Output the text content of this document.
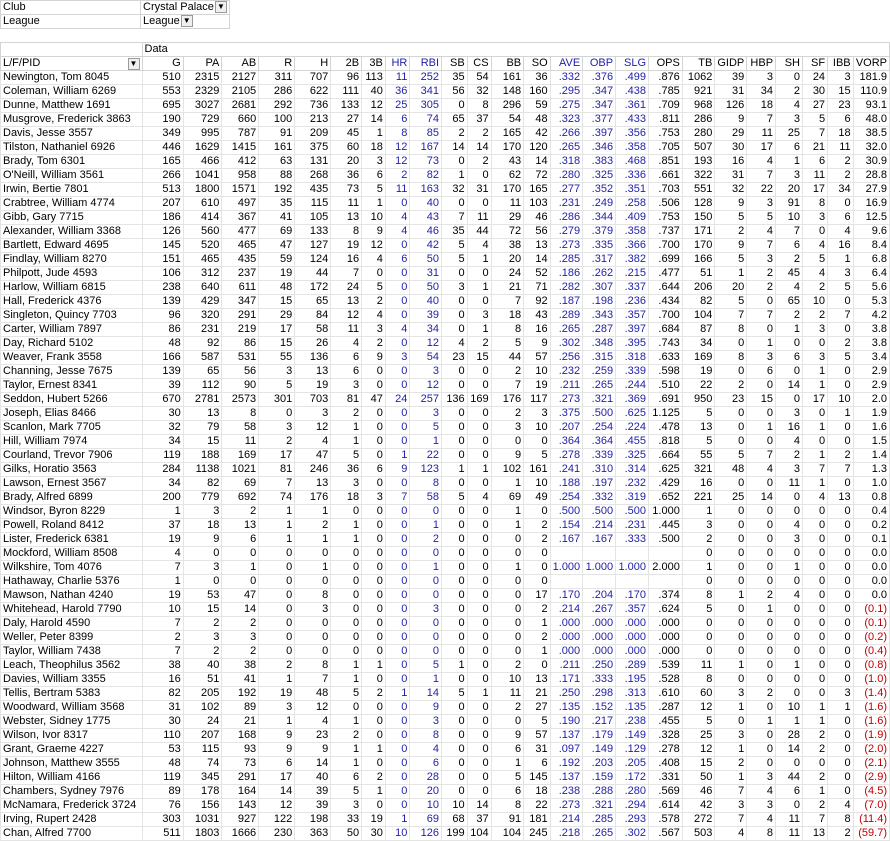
Club	Crystal Palace ▼
League	League ▼
	Data																							
L/F/PID ▼	G	PA	AB	R	H	2B	3B	HR	RBI	SB	CS	BB	SO	AVE	OBP	SLG	OPS	TB	GIDP	HBP	SH	SF	IBB	VORP
Newington, Tom 8045	510	2315	2127	311	707	96	113	11	252	35	54	161	36	.332	.376	.499	.876	1062	39	3	0	24	3	181.9
Coleman, William 6269	553	2329	2105	286	622	111	40	36	341	56	32	148	160	.295	.347	.438	.785	921	31	34	2	30	15	110.9
Dunne, Matthew 1691	695	3027	2681	292	736	133	12	25	305	0	8	296	59	.275	.347	.361	.709	968	126	18	4	27	23	93.1
Musgrove, Frederick 3863	190	729	660	100	213	27	14	6	74	65	37	54	48	.323	.377	.433	.811	286	9	7	3	5	6	48.0
Davis, Jesse 3557	349	995	787	91	209	45	1	8	85	2	2	165	42	.266	.397	.356	.753	280	29	11	25	7	18	38.5
Tilston, Nathaniel 6926	446	1629	1415	161	375	60	18	12	167	14	14	170	120	.265	.346	.358	.705	507	30	17	6	21	11	32.0
Brady, Tom 6301	165	466	412	63	131	20	3	12	73	0	2	43	14	.318	.383	.468	.851	193	16	4	1	6	2	30.9
O'Neill, William 3561	266	1041	958	88	268	36	6	2	82	1	0	62	72	.280	.325	.336	.661	322	31	7	3	11	2	28.8
Irwin, Bertie 7801	513	1800	1571	192	435	73	5	11	163	32	31	170	165	.277	.352	.351	.703	551	32	22	20	17	34	27.9
Crabtree, William 4774	207	610	497	35	115	11	1	0	40	0	0	11	103	.231	.249	.258	.506	128	9	3	91	8	0	16.9
Gibb, Gary 7715	186	414	367	41	105	13	10	4	43	7	11	29	46	.286	.344	.409	.753	150	5	5	10	3	6	12.5
Alexander, William 3368	126	560	477	69	133	8	9	4	46	35	44	72	56	.279	.379	.358	.737	171	2	4	7	0	4	9.6
Bartlett, Edward 4695	145	520	465	47	127	19	12	0	42	5	4	38	13	.273	.335	.366	.700	170	9	7	6	4	16	8.4
Findlay, William 8270	151	465	435	59	124	16	4	6	50	5	1	20	14	.285	.317	.382	.699	166	5	3	2	5	1	6.8
Philpott, Jude 4593	106	312	237	19	44	7	0	0	31	0	0	24	52	.186	.262	.215	.477	51	1	2	45	4	3	6.4
Harlow, William 6815	238	640	611	48	172	24	5	0	50	3	1	21	71	.282	.307	.337	.644	206	20	2	4	2	5	5.6
Hall, Frederick 4376	139	429	347	15	65	13	2	0	40	0	0	7	92	.187	.198	.236	.434	82	5	0	65	10	0	5.3
Singleton, Quincy 7703	96	320	291	29	84	12	4	0	39	0	3	18	43	.289	.343	.357	.700	104	7	7	2	2	7	4.2
Carter, William 7897	86	231	219	17	58	11	3	4	34	0	1	8	16	.265	.287	.397	.684	87	8	0	1	3	0	3.8
Day, Richard 5102	48	92	86	15	26	4	2	0	12	4	2	5	9	.302	.348	.395	.743	34	0	1	0	0	2	3.8
Weaver, Frank 3558	166	587	531	55	136	6	9	3	54	23	15	44	57	.256	.315	.318	.633	169	8	3	6	3	5	3.4
Channing, Jesse 7675	139	65	56	3	13	6	0	0	3	0	0	2	10	.232	.259	.339	.598	19	0	6	0	1	0	2.9
Taylor, Ernest 8341	39	112	90	5	19	3	0	0	12	0	0	7	19	.211	.265	.244	.510	22	2	0	14	1	0	2.9
Seddon, Hubert 5266	670	2781	2573	301	703	81	47	24	257	136	169	176	117	.273	.321	.369	.691	950	23	15	0	17	10	2.0
Joseph, Elias 8466	30	13	8	0	3	2	0	0	3	0	0	2	3	.375	.500	.625	1.125	5	0	0	3	0	1	1.9
Scanlon, Mark 7705	32	79	58	3	12	1	0	0	5	0	0	3	10	.207	.254	.224	.478	13	0	1	16	1	0	1.6
Hill, William 7974	34	15	11	2	4	1	0	0	1	0	0	0	0	.364	.364	.455	.818	5	0	0	4	0	0	1.5
Courland, Trevor 7906	119	188	169	17	47	5	0	1	22	0	0	9	5	.278	.339	.325	.664	55	5	7	2	1	2	1.4
Gilks, Horatio 3563	284	1138	1021	81	246	36	6	9	123	1	1	102	161	.241	.310	.314	.625	321	48	4	3	7	7	1.3
Lawson, Ernest 3567	34	82	69	7	13	3	0	0	8	0	0	1	10	.188	.197	.232	.429	16	0	0	11	1	0	1.0
Brady, Alfred 6899	200	779	692	74	176	18	3	7	58	5	4	69	49	.254	.332	.319	.652	221	25	14	0	4	13	0.8
Windsor, Byron 8229	1	3	2	1	1	0	0	0	0	0	0	1	0	.500	.500	.500	1.000	1	0	0	0	0	0	0.4
Powell, Roland 8412	37	18	13	1	2	1	0	0	1	0	0	1	2	.154	.214	.231	.445	3	0	0	4	0	0	0.2
Lister, Frederick 6381	19	9	6	1	1	1	0	0	2	0	0	0	2	.167	.167	.333	.500	2	0	0	3	0	0	0.1
Mockford, William 8508	4	0	0	0	0	0	0	0	0	0	0	0	0					0	0	0	0	0	0	0.0
Wilkshire, Tom 4076	7	3	1	0	1	0	0	0	1	0	0	1	0	1.000	1.000	1.000	2.000	1	0	0	1	0	0	0.0
Hathaway, Charlie 5376	1	0	0	0	0	0	0	0	0	0	0	0	0					0	0	0	0	0	0	0.0
Mawson, Nathan 4240	19	53	47	0	8	0	0	0	0	0	0	0	17	.170	.204	.170	.374	8	1	2	4	0	0	0.0
Whitehead, Harold 7790	10	15	14	0	3	0	0	0	3	0	0	0	2	.214	.267	.357	.624	5	0	1	0	0	0	(0.1)
Daly, Harold 4590	7	2	2	0	0	0	0	0	0	0	0	0	1	.000	.000	.000	.000	0	0	0	0	0	0	(0.1)
Weller, Peter 8399	2	3	3	0	0	0	0	0	0	0	0	0	2	.000	.000	.000	.000	0	0	0	0	0	0	(0.2)
Taylor, William 7438	7	2	2	0	0	0	0	0	0	0	0	0	1	.000	.000	.000	.000	0	0	0	0	0	0	(0.4)
Leach, Theophilus 3562	38	40	38	2	8	1	1	0	5	1	0	2	0	.211	.250	.289	.539	11	1	0	1	0	0	(0.8)
Davies, William 3355	16	51	41	1	7	1	0	0	1	0	0	10	13	.171	.333	.195	.528	8	0	0	0	0	0	(1.0)
Tellis, Bertram 5383	82	205	192	19	48	5	2	1	14	5	1	11	21	.250	.298	.313	.610	60	3	2	0	0	3	(1.4)
Woodward, William 3568	31	102	89	3	12	0	0	0	9	0	0	2	27	.135	.152	.135	.287	12	1	0	10	1	1	(1.6)
Webster, Sidney 1775	30	24	21	1	4	1	0	0	3	0	0	0	5	.190	.217	.238	.455	5	0	1	1	1	0	(1.6)
Wilson, Ivor 8317	110	207	168	9	23	2	0	0	8	0	0	9	57	.137	.179	.149	.328	25	3	0	28	2	0	(1.9)
Grant, Graeme 4227	53	115	93	9	9	1	1	0	4	0	0	6	31	.097	.149	.129	.278	12	1	0	14	2	0	(2.0)
Johnson, Matthew 3555	48	74	73	6	14	1	0	0	6	0	0	1	6	.192	.203	.205	.408	15	2	0	0	0	0	(2.1)
Hilton, William 4166	119	345	291	17	40	6	2	0	28	0	0	5	145	.137	.159	.172	.331	50	1	3	44	2	0	(2.9)
Chambers, Sydney 7976	89	178	164	14	39	5	1	0	20	0	0	6	18	.238	.288	.280	.569	46	7	4	6	1	0	(4.5)
McNamara, Frederick 3724	76	156	143	12	39	3	0	0	10	10	14	8	22	.273	.321	.294	.614	42	3	3	0	2	4	(7.0)
Irving, Rupert 2428	303	1031	927	122	198	33	19	1	69	68	37	91	181	.214	.285	.293	.578	272	7	4	11	7	8	(11.4)
Chan, Alfred 7700	511	1803	1666	230	363	50	30	10	126	199	104	104	245	.218	.265	.302	.567	503	4	8	11	13	2	(59.7)
